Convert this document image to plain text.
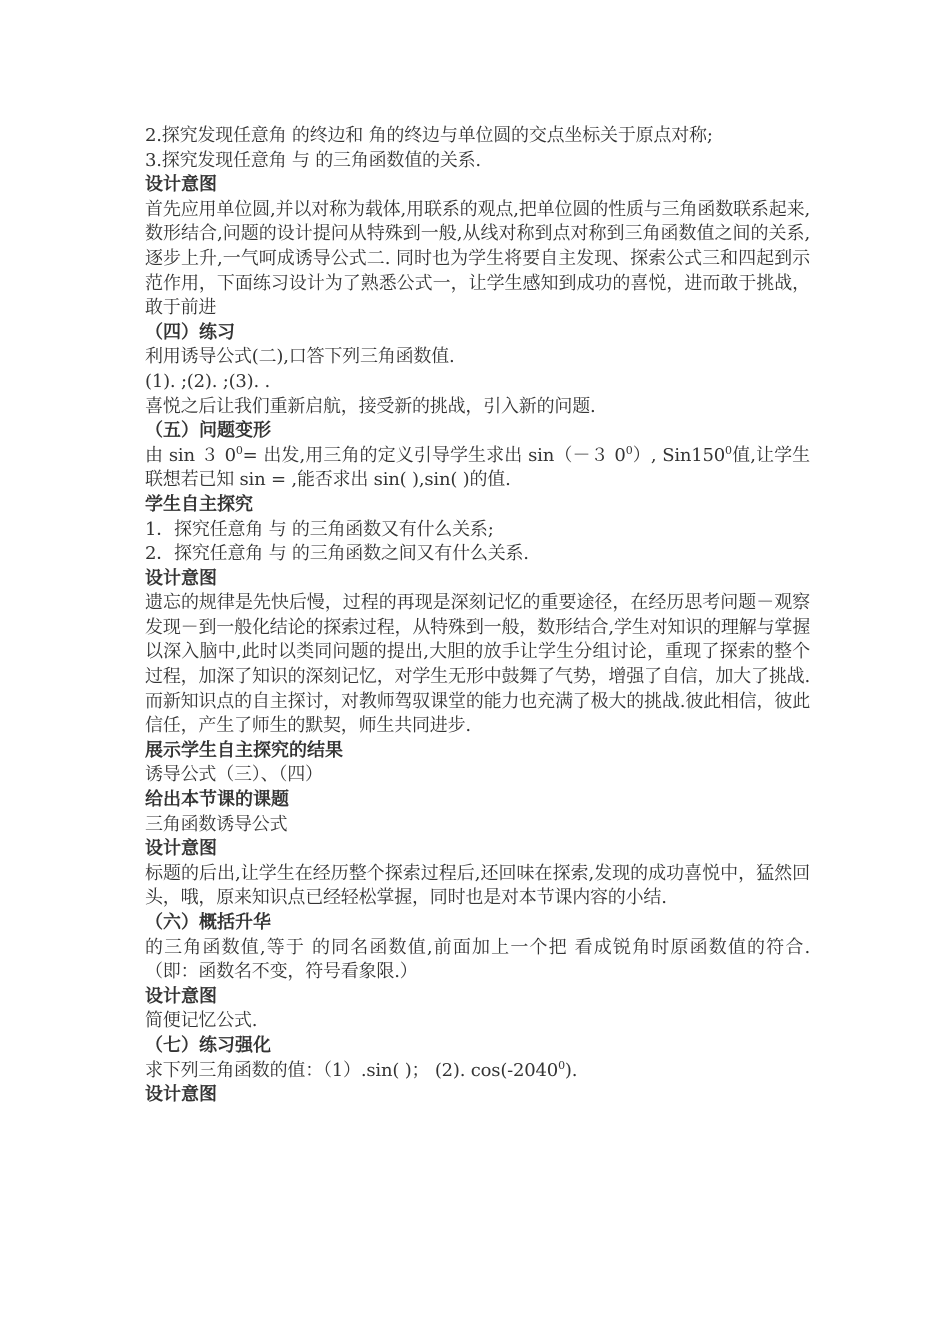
2.探究发现任意角 的终边和 角的终边与单位圆的交点坐标关于原点对称;

3.探究发现任意角 与 的三角函数值的关系.

设计意图

首先应用单位圆,并以对称为载体,用联系的观点,把单位圆的性质与三角函数联系起来,数形结合,问题的设计提问从特殊到一般,从线对称到点对称到三角函数值之间的关系,逐步上升,一气呵成诱导公式二. 同时也为学生将要自主发现、探索公式三和四起到示范作用，下面练习设计为了熟悉公式一，让学生感知到成功的喜悦，进而敢于挑战，敢于前进

（四）练习

利用诱导公式(二),口答下列三角函数值.

(1). ;(2). ;(3). .

喜悦之后让我们重新启航，接受新的挑战，引入新的问题.

（五）问题变形

由 sin ３ $0^0=$ 出发,用三角的定义引导学生求出 sin（－３ $0^0$）, $Sin150^0$值,让学生联想若已知 sin = ,能否求出 sin( ),sin( )的值.

学生自主探究

1．探究任意角 与 的三角函数又有什么关系;

2．探究任意角 与 的三角函数之间又有什么关系.

设计意图

遗忘的规律是先快后慢，过程的再现是深刻记忆的重要途径，在经历思考问题－观察发现－到一般化结论的探索过程，从特殊到一般，数形结合,学生对知识的理解与掌握以深入脑中,此时以类同问题的提出,大胆的放手让学生分组讨论，重现了探索的整个过程，加深了知识的深刻记忆，对学生无形中鼓舞了气势，增强了自信，加大了挑战.而新知识点的自主探讨，对教师驾驭课堂的能力也充满了极大的挑战.彼此相信，彼此信任，产生了师生的默契，师生共同进步.

展示学生自主探究的结果

诱导公式（三）、（四）

给出本节课的课题

三角函数诱导公式

设计意图

标题的后出,让学生在经历整个探索过程后,还回味在探索,发现的成功喜悦中，猛然回头，哦，原来知识点已经轻松掌握，同时也是对本节课内容的小结.

（六）概括升华

的三角函数值,等于 的同名函数值,前面加上一个把 看成锐角时原函数值的符合.（即：函数名不变，符号看象限.）

设计意图

简便记忆公式.

（七）练习强化

求下列三角函数的值：（1）.sin( )； (2). cos(-2040$^0$).

设计意图
